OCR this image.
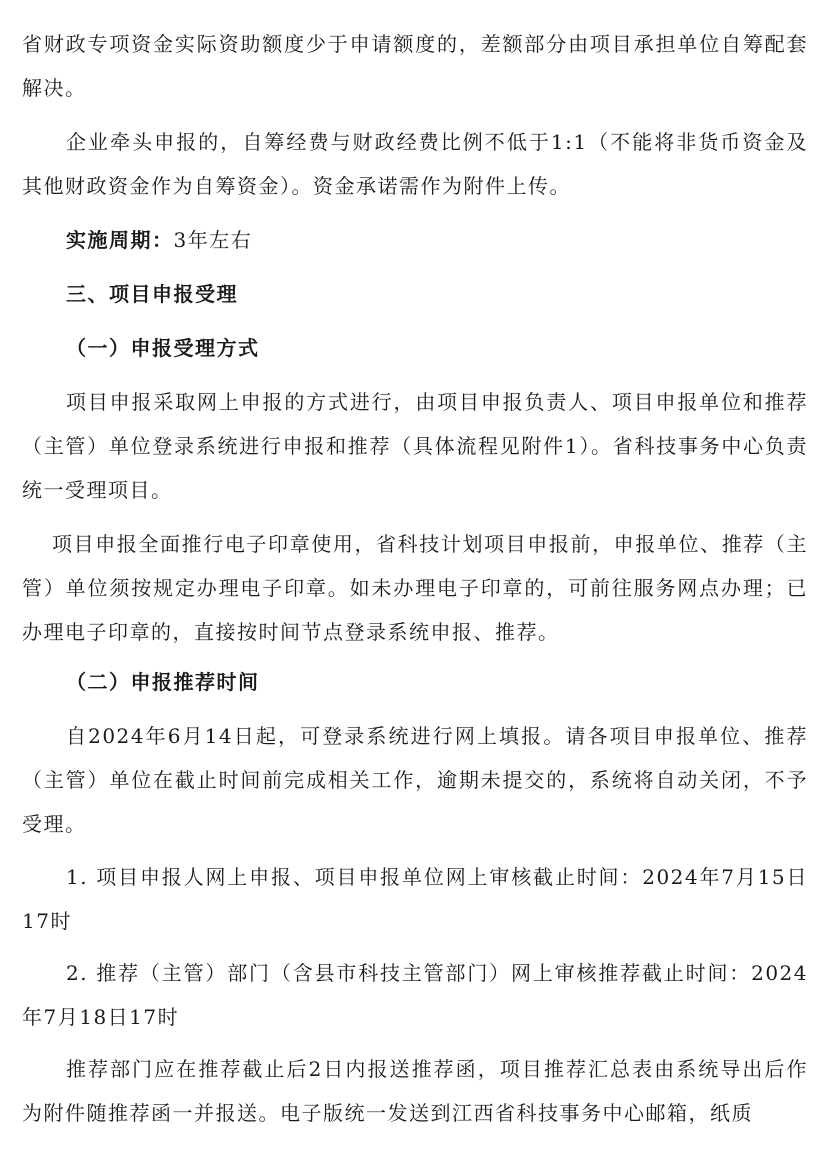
省财政专项资金实际资助额度少于申请额度的，差额部分由项目承担单位自筹配套解决。

企业牵头申报的，自筹经费与财政经费比例不低于1:1（不能将非货币资金及其他财政资金作为自筹资金）。资金承诺需作为附件上传。

实施周期：3年左右

三、项目申报受理
（一）申报受理方式

项目申报采取网上申报的方式进行，由项目申报负责人、项目申报单位和推荐（主管）单位登录系统进行申报和推荐（具体流程见附件1）。省科技事务中心负责统一受理项目。

项目申报全面推行电子印章使用，省科技计划项目申报前，申报单位、推荐（主管）单位须按规定办理电子印章。如未办理电子印章的，可前往服务网点办理；已办理电子印章的，直接按时间节点登录系统申报、推荐。

（二）申报推荐时间

自2024年6月14日起，可登录系统进行网上填报。请各项目申报单位、推荐（主管）单位在截止时间前完成相关工作，逾期未提交的，系统将自动关闭，不予受理。

1. 项目申报人网上申报、项目申报单位网上审核截止时间：2024年7月15日17时

2. 推荐（主管）部门（含县市科技主管部门）网上审核推荐截止时间：2024年7月18日17时

推荐部门应在推荐截止后2日内报送推荐函，项目推荐汇总表由系统导出后作为附件随推荐函一并报送。电子版统一发送到江西省科技事务中心邮箱，纸质
